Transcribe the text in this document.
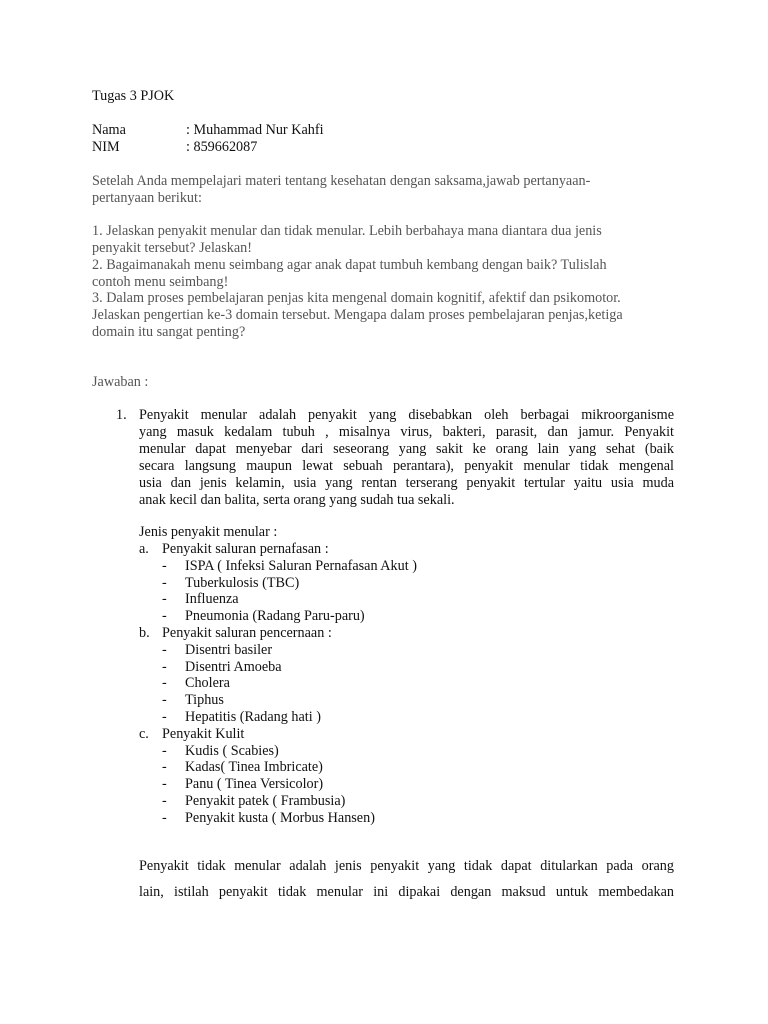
Tugas 3 PJOK
Nama	: Muhammad Nur Kahfi
NIM	: 859662087
Setelah Anda mempelajari materi tentang kesehatan dengan saksama,jawab pertanyaan-
pertanyaan berikut:
1. Jelaskan penyakit menular dan tidak menular. Lebih berbahaya mana diantara dua jenis
penyakit tersebut? Jelaskan!
2. Bagaimanakah menu seimbang agar anak dapat tumbuh kembang dengan baik? Tulislah
contoh menu seimbang!
3. Dalam proses pembelajaran penjas kita mengenal domain kognitif, afektif dan psikomotor.
Jelaskan pengertian ke-3 domain tersebut. Mengapa dalam proses pembelajaran penjas,ketiga
domain itu sangat penting?
Jawaban :
1. Penyakit menular adalah penyakit yang disebabkan oleh berbagai mikroorganisme
yang masuk kedalam tubuh , misalnya virus, bakteri, parasit, dan jamur. Penyakit
menular dapat menyebar dari seseorang yang sakit ke orang lain yang sehat (baik
secara langsung maupun lewat sebuah perantara), penyakit menular tidak mengenal
usia dan jenis kelamin, usia yang rentan terserang penyakit tertular yaitu usia muda
anak kecil dan balita, serta orang yang sudah tua sekali.
Jenis penyakit menular :
a. Penyakit saluran pernafasan :
- ISPA ( Infeksi Saluran Pernafasan Akut )
- Tuberkulosis (TBC)
- Influenza
- Pneumonia (Radang Paru-paru)
b. Penyakit saluran pencernaan :
- Disentri basiler
- Disentri Amoeba
- Cholera
- Tiphus
- Hepatitis (Radang hati )
c. Penyakit Kulit
- Kudis ( Scabies)
- Kadas( Tinea Imbricate)
- Panu ( Tinea Versicolor)
- Penyakit patek ( Frambusia)
- Penyakit kusta ( Morbus Hansen)
Penyakit tidak menular adalah jenis penyakit yang tidak dapat ditularkan pada orang
lain, istilah penyakit tidak menular ini dipakai dengan maksud untuk membedakan
